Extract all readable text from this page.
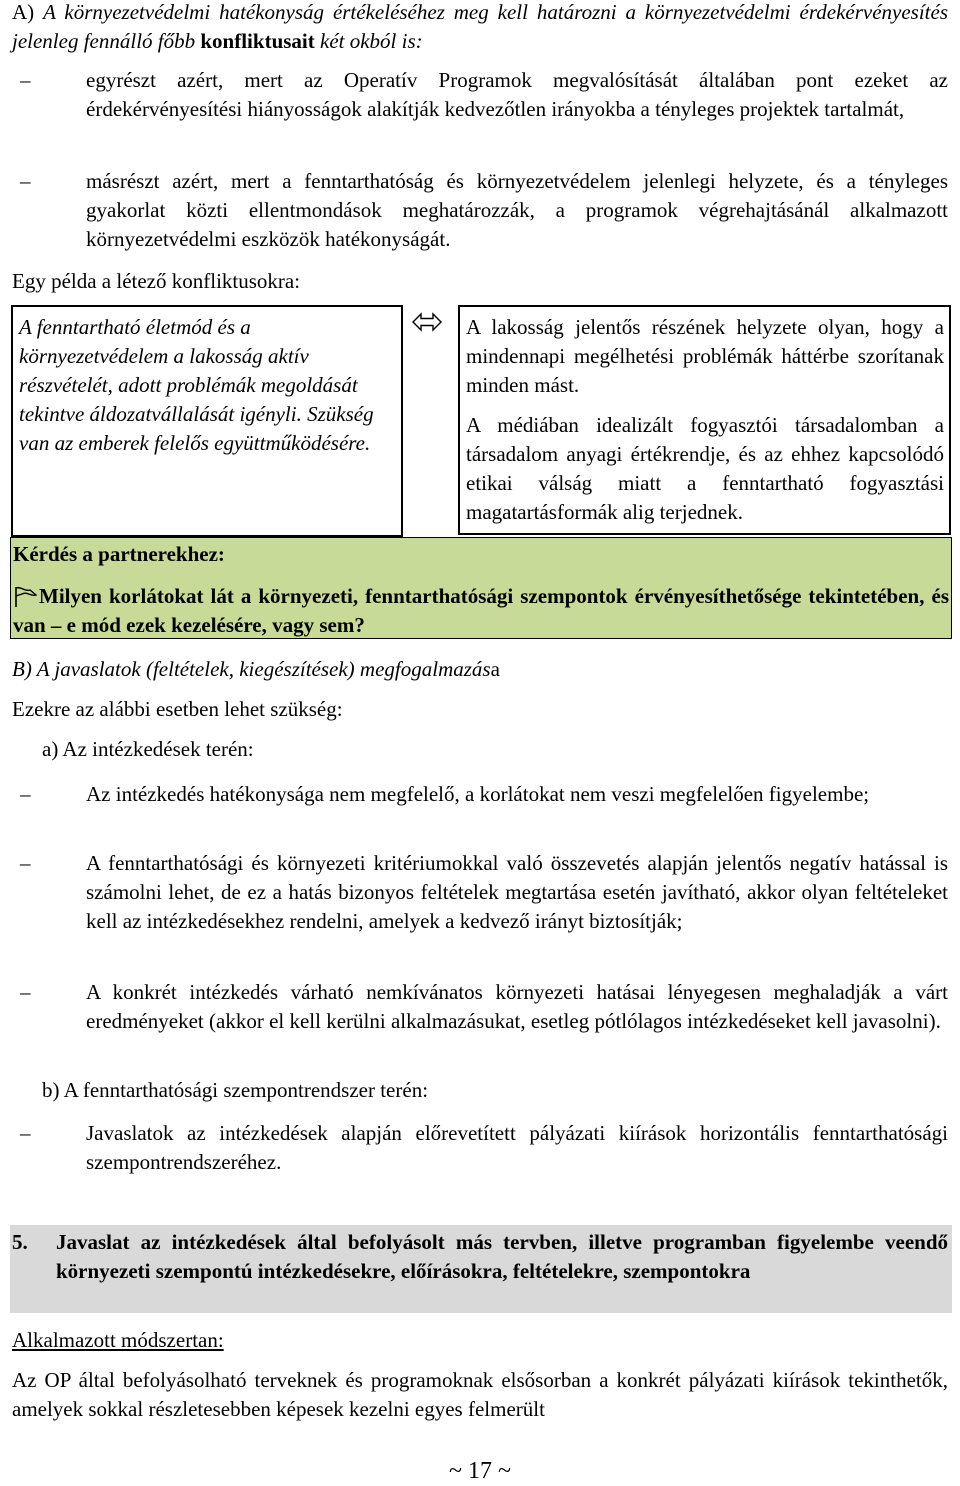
A) A környezetvédelmi hatékonyság értékeléséhez meg kell határozni a környezetvédelmi érdekérvényesítés jelenleg fennálló főbb konfliktusait két okból is:
–	egyrészt azért, mert az Operatív Programok megvalósítását általában pont ezeket az érdekérvényesítési hiányosságok alakítják kedvezőtlen irányokba a tényleges projektek tartalmát,
–	másrészt azért, mert a fenntarthatóság és környezetvédelem jelenlegi helyzete, és a tényleges gyakorlat közti ellentmondások meghatározzák, a programok végrehajtásánál alkalmazott környezetvédelmi eszközök hatékonyságát.
Egy példa a létező konfliktusokra:
A fenntartható életmód és a környezetvédelem a lakosság aktív részvételét, adott problémák megoldását tekintve áldozatvállalását igényli. Szükség van az emberek felelős együttműködésére.
A lakosság jelentős részének helyzete olyan, hogy a mindennapi megélhetési problémák háttérbe szorítanak minden mást.
A médiában idealizált fogyasztói társadalomban a társadalom anyagi értékrendje, és az ehhez kapcsolódó etikai válság miatt a fenntartható fogyasztási magatartásformák alig terjednek.
Kérdés a partnerekhez:
Milyen korlátokat lát a környezeti, fenntarthatósági szempontok érvényesíthetősége tekintetében, és van – e mód ezek kezelésére, vagy sem?
B) A javaslatok (feltételek, kiegészítések) megfogalmazása
Ezekre az alábbi esetben lehet szükség:
a) Az intézkedések terén:
–	Az intézkedés hatékonysága nem megfelelő, a korlátokat nem veszi megfelelően figyelembe;
–	A fenntarthatósági és környezeti kritériumokkal való összevetés alapján jelentős negatív hatással is számolni lehet, de ez a hatás bizonyos feltételek megtartása esetén javítható, akkor olyan feltételeket kell az intézkedésekhez rendelni, amelyek a kedvező irányt biztosítják;
–	A konkrét intézkedés várható nemkívánatos környezeti hatásai lényegesen meghaladják a várt eredményeket (akkor el kell kerülni alkalmazásukat, esetleg pótlólagos intézkedéseket kell javasolni).
b) A fenntarthatósági szempontrendszer terén:
–	Javaslatok az intézkedések alapján előrevetített pályázati kiírások horizontális fenntarthatósági szempontrendszeréhez.
5. Javaslat az intézkedések által befolyásolt más tervben, illetve programban figyelembe veendő környezeti szempontú intézkedésekre, előírásokra, feltételekre, szempontokra
Alkalmazott módszertan:
Az OP által befolyásolható terveknek és programoknak elsősorban a konkrét pályázati kiírások tekinthetők, amelyek sokkal részletesebben képesek kezelni egyes felmerült
~ 17 ~
